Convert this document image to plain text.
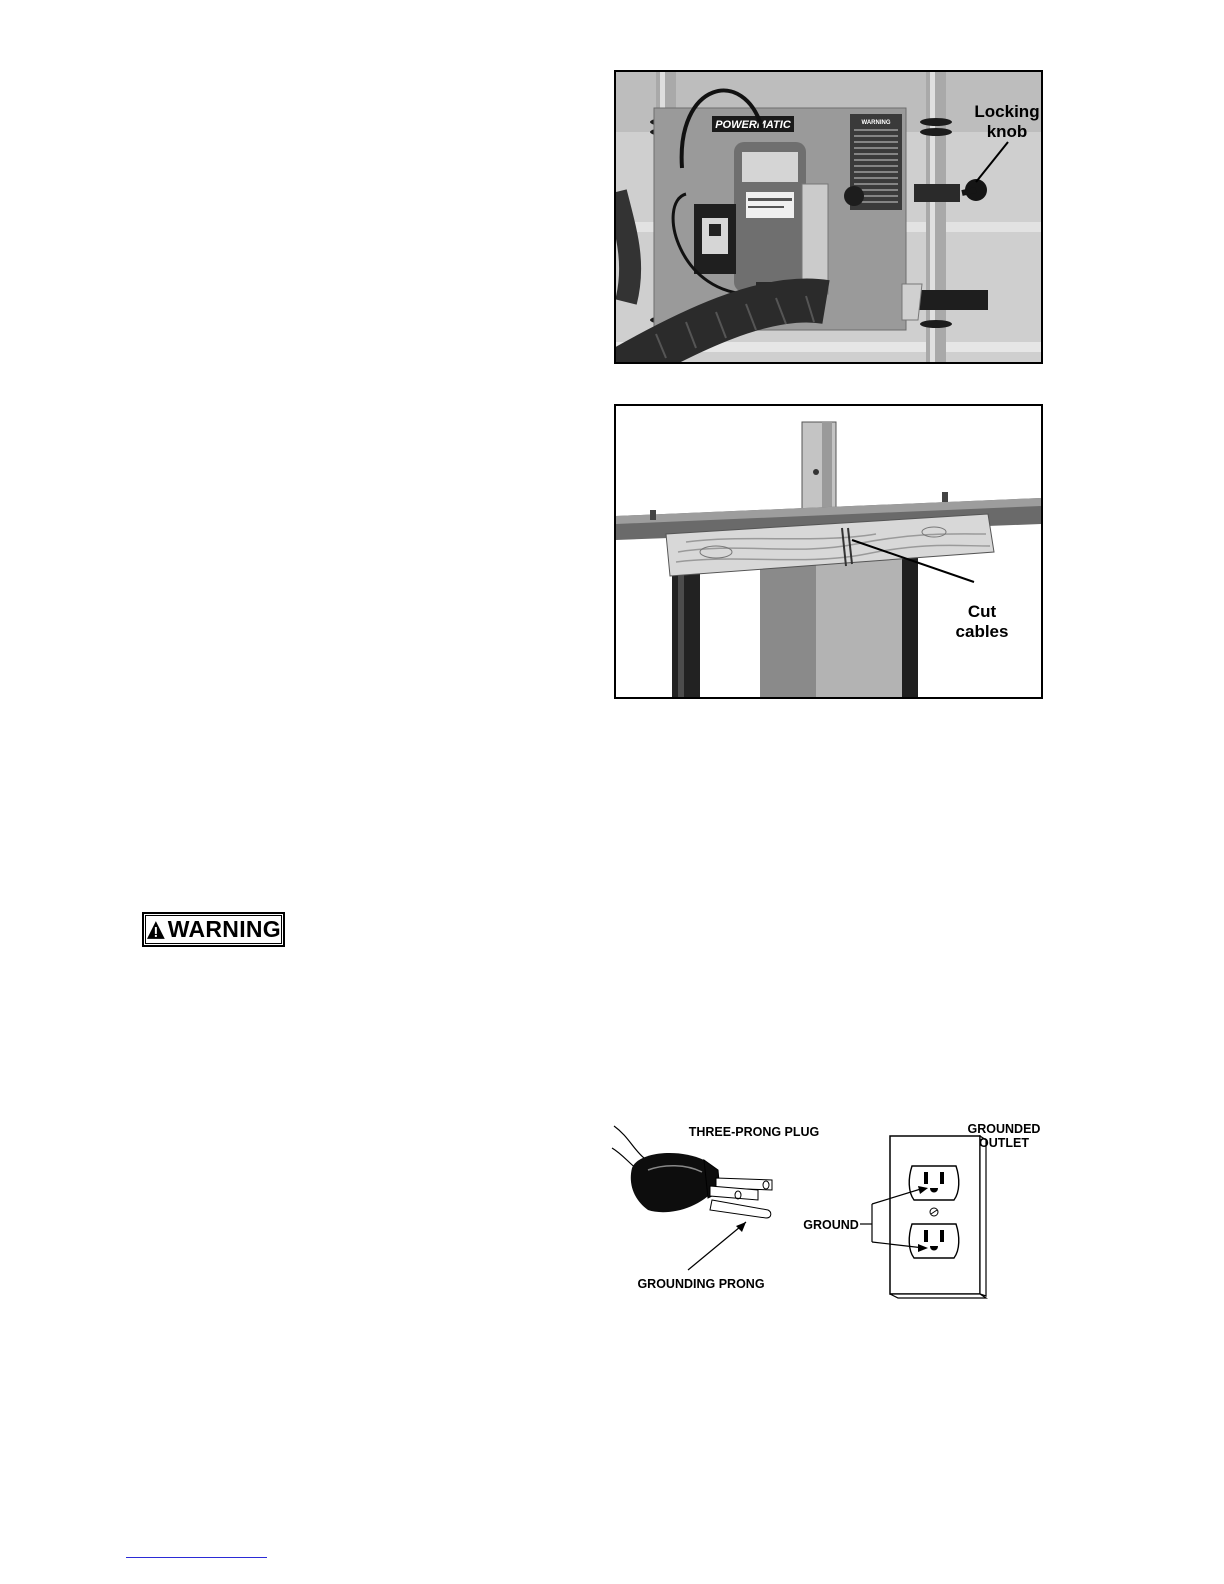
POWERMATIC	WARNING
Locking
knob
Cut
cables
WARNING
THREE-PRONG PLUG	GROUNDED
OUTLET
GROUND
GROUNDING PRONG
